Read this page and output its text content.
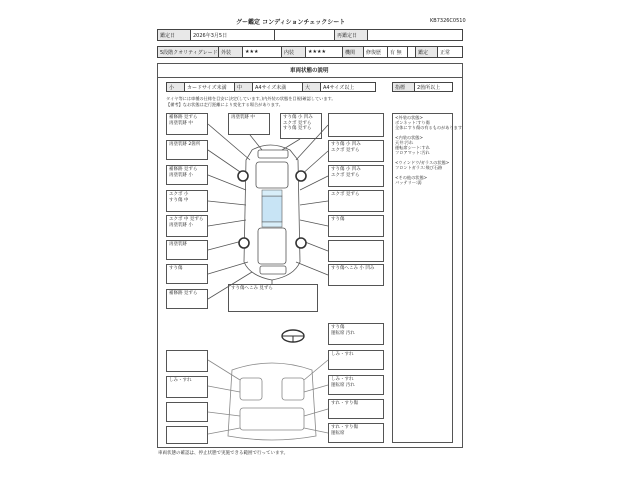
グー鑑定 コンディションチェックシート	KB7326C0510
鑑定日	2026年3月5日	再鑑定日
5段階クオリティグレード 外装	★★★	内装	★★★★	機関	修復歴	有 無	鑑定	正常
車両状態の説明
小	カードサイズ未満	中	A4サイズ未満	大	A4サイズ以上	指標	2箇所以上
タイヤ等には車種の仕様を目安に決定(しています。)内外装の状態を目視(確認しています。
【備考】なお状態は走行距離により変化する場合があります。
補修跡 見ずら
再塗装跡 中
再塗装跡 2箇所
補修跡 見ずら
再塗装跡 小
エクボ 小
すり傷 中
エクボ 中 見ずら
再塗装跡 小
再塗装跡
すり傷
補修跡 見ずら
再塗装跡 中	すり傷 小 凹み
エクボ 見ずら
すり傷 見ずら
すり傷 小 凹み
エクボ 見ずら
すり傷 小 凹み
エクボ 見ずら
エクボ 見ずら
すり傷
すり傷へこみ 小 凹み
すり傷へこみ 見ずら
<外装の状態>
ボンネット:すり傷
全体にすり傷の有るものがあります

<内装の状態>
天井:汚れ
運転席シート:すれ
フロアマット:汚れ

<ウインドウ/ガラスの状態>
フロントガラス:飛び石跡

<その他の状態>
バッテリー:弱
しみ・すれ
すり傷
運転席 汚れ
しみ・すれ
しみ・すれ
運転席 汚れ
すれ・すり傷
すれ・すり傷
運転席
車両状態の確認は、停止状態で実施できる範囲で行っています。
